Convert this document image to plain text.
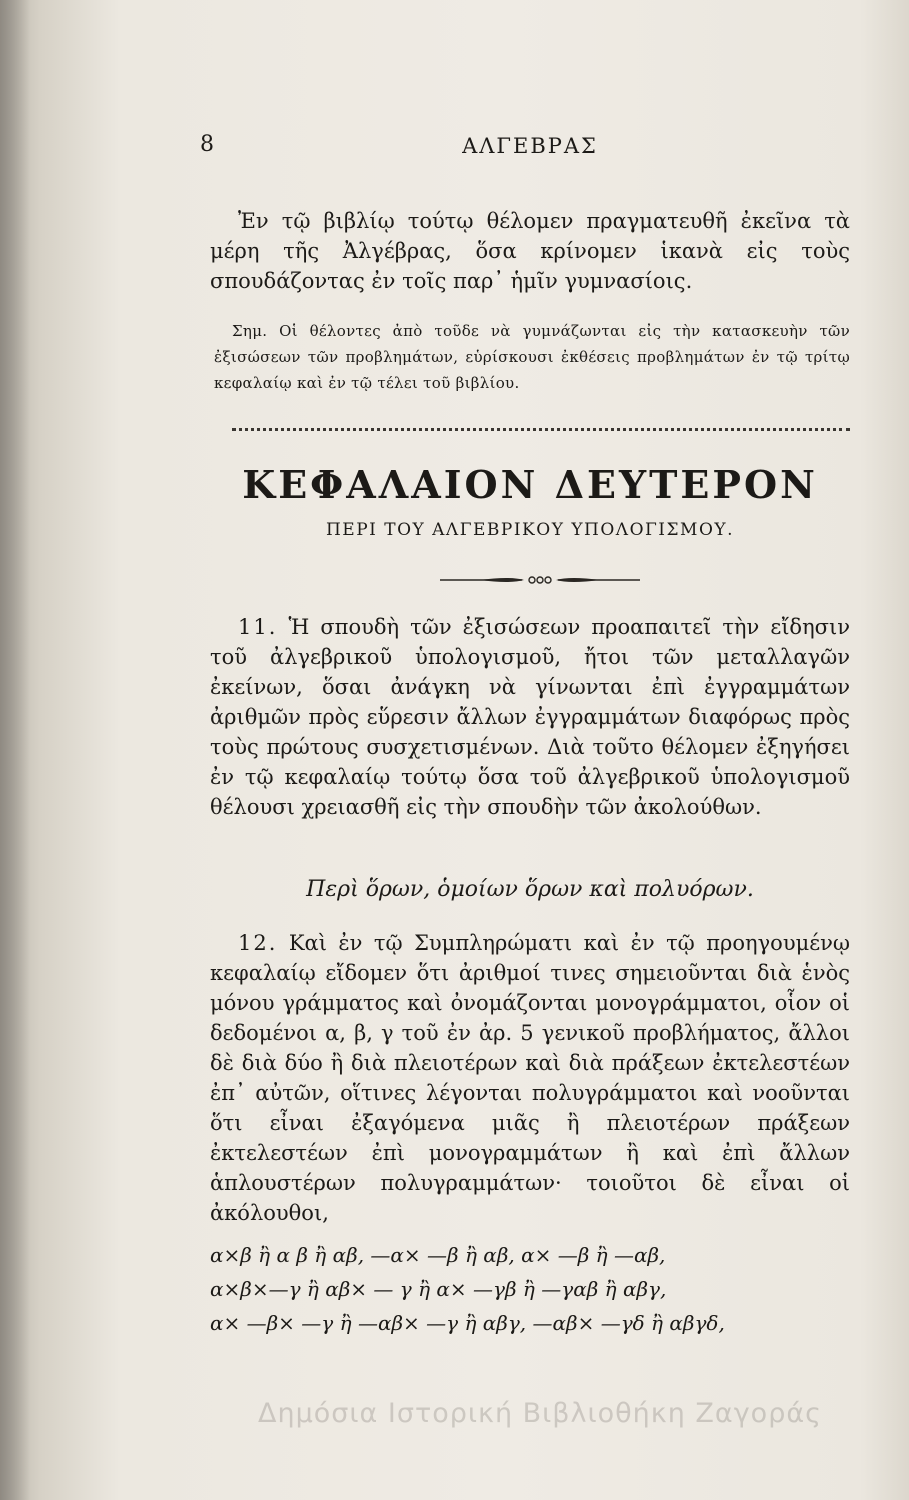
8	ΑΛΓΕΒΡΑΣ

Ἐν τῷ βιβλίῳ τούτῳ θέλομεν πραγματευθῆ ἐκεῖνα τὰ μέρη τῆς Ἀλγέβρας, ὅσα κρίνομεν ἱκανὰ εἰς τοὺς σπουδάζοντας ἐν τοῖς παρ᾿ ἡμῖν γυμνασίοις.

Σημ. Οἱ θέλοντες ἀπὸ τοῦδε νὰ γυμνάζωνται εἰς τὴν κατασκευὴν τῶν ἐξισώσεων τῶν προβλημάτων, εὑρίσκουσι ἐκθέσεις προβλημάτων ἐν τῷ τρίτῳ κεφαλαίῳ καὶ ἐν τῷ τέλει τοῦ βιβλίου.

ΚΕΦΑΛΑΙΟΝ ΔΕΥΤΕΡΟΝ
ΠΕΡΙ ΤΟΥ ΑΛΓΕΒΡΙΚΟΥ ΥΠΟΛΟΓΙΣΜΟΥ.

11. Ἡ σπουδὴ τῶν ἐξισώσεων προαπαιτεῖ τὴν εἴδησιν τοῦ ἀλγεβρικοῦ ὑπολογισμοῦ, ἤτοι τῶν μεταλλαγῶν ἐκείνων, ὅσαι ἀνάγκη νὰ γίνωνται ἐπὶ ἐγγραμμάτων ἀριθμῶν πρὸς εὕρεσιν ἄλλων ἐγγραμμάτων διαφόρως πρὸς τοὺς πρώτους συσχετισμένων. Διὰ τοῦτο θέλομεν ἐξηγήσει ἐν τῷ κεφαλαίῳ τούτῳ ὅσα τοῦ ἀλγεβρικοῦ ὑπολογισμοῦ θέλουσι χρειασθῆ εἰς τὴν σπουδὴν τῶν ἀκολούθων.

Περὶ ὅρων, ὁμοίων ὅρων καὶ πολυόρων.

12. Καὶ ἐν τῷ Συμπληρώματι καὶ ἐν τῷ προηγουμένῳ κεφαλαίῳ εἴδομεν ὅτι ἀριθμοί τινες σημειοῦνται διὰ ἑνὸς μόνου γράμματος καὶ ὀνομάζονται μονογράμματοι, οἷον οἱ δεδομένοι α, β, γ τοῦ ἐν ἀρ. 5 γενικοῦ προβλήματος, ἄλλοι δὲ διὰ δύο ἢ διὰ πλειοτέρων καὶ διὰ πράξεων ἐκτελεστέων ἐπ᾿ αὐτῶν, οἵτινες λέγονται πολυγράμματοι καὶ νοοῦνται ὅτι εἶναι ἐξαγόμενα μιᾶς ἢ πλειοτέρων πράξεων ἐκτελεστέων ἐπὶ μονογραμμάτων ἢ καὶ ἐπὶ ἄλλων ἁπλουστέρων πολυγραμμάτων· τοιοῦτοι δὲ εἶναι οἱ ἀκόλουθοι,

α×β ἢ α β ἢ αβ, —α× —β ἢ αβ, α× —β ἢ —αβ,
α×β×—γ ἢ αβ× — γ ἢ α× —γβ ἢ —γαβ ἢ αβγ,
α× —β× —γ ἢ —αβ× —γ ἢ αβγ, —αβ× —γδ ἢ αβγδ,
Δημόσια Ιστορική Βιβλιοθήκη Ζαγοράς
